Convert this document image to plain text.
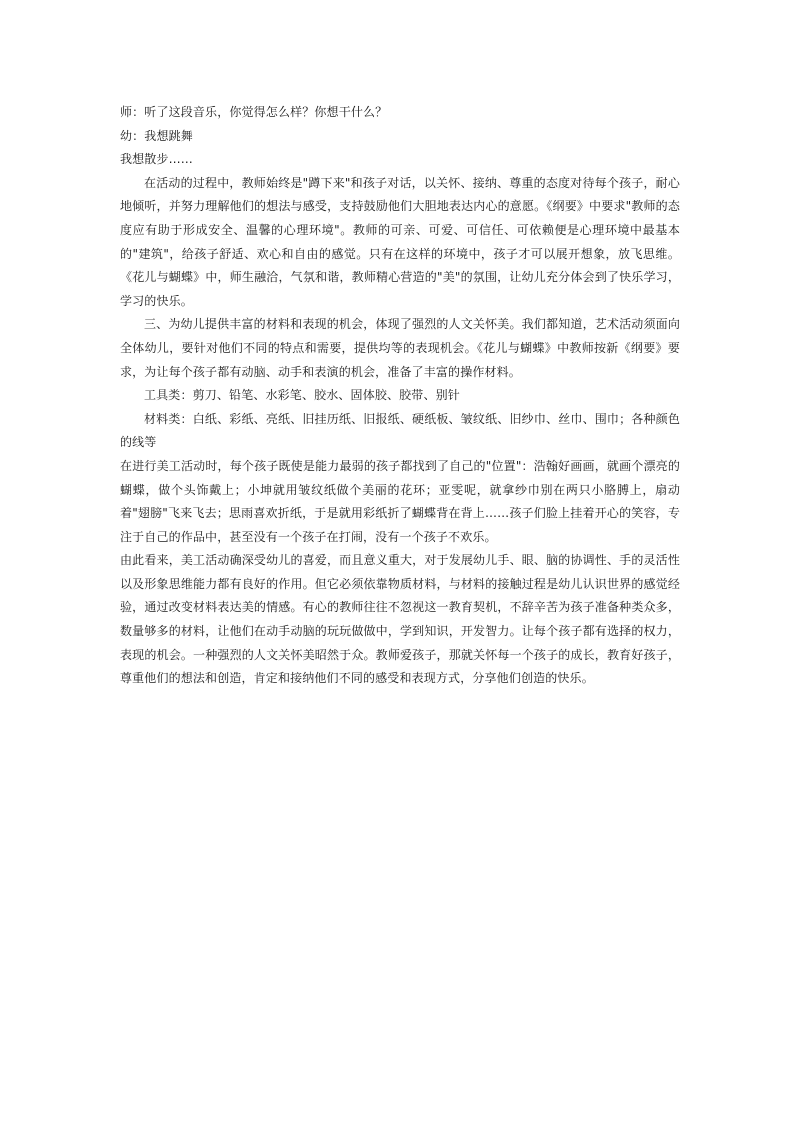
师：听了这段音乐，你觉得怎么样？你想干什么？

幼：我想跳舞

我想散步……

在活动的过程中，教师始终是"蹲下来"和孩子对话，以关怀、接纳、尊重的态度对待每个孩子，耐心地倾听，并努力理解他们的想法与感受，支持鼓励他们大胆地表达内心的意愿。《纲要》中要求"教师的态度应有助于形成安全、温馨的心理环境"。教师的可亲、可爱、可信任、可依赖便是心理环境中最基本的"建筑"，给孩子舒适、欢心和自由的感觉。只有在这样的环境中，孩子才可以展开想象，放飞思维。《花儿与蝴蝶》中，师生融洽，气氛和谐，教师精心营造的"美"的氛围，让幼儿充分体会到了快乐学习，学习的快乐。

三、为幼儿提供丰富的材料和表现的机会，体现了强烈的人文关怀美。我们都知道，艺术活动须面向全体幼儿，要针对他们不同的特点和需要，提供均等的表现机会。《花儿与蝴蝶》中教师按新《纲要》要求，为让每个孩子都有动脑、动手和表演的机会，准备了丰富的操作材料。

工具类：剪刀、铅笔、水彩笔、胶水、固体胶、胶带、别针

材料类：白纸、彩纸、亮纸、旧挂历纸、旧报纸、硬纸板、皱纹纸、旧纱巾、丝巾、围巾；各种颜色的线等

在进行美工活动时，每个孩子既使是能力最弱的孩子都找到了自己的"位置"：浩翰好画画，就画个漂亮的蝴蝶，做个头饰戴上；小坤就用皱纹纸做个美丽的花环；亚雯呢，就拿纱巾别在两只小胳膊上，扇动着"翅膀"飞来飞去；思雨喜欢折纸，于是就用彩纸折了蝴蝶背在背上……孩子们脸上挂着开心的笑容，专注于自己的作品中，甚至没有一个孩子在打闹，没有一个孩子不欢乐。

由此看来，美工活动确深受幼儿的喜爱，而且意义重大，对于发展幼儿手、眼、脑的协调性、手的灵活性以及形象思维能力都有良好的作用。但它必须依靠物质材料，与材料的接触过程是幼儿认识世界的感觉经验，通过改变材料表达美的情感。有心的教师往往不忽视这一教育契机，不辞辛苦为孩子准备种类众多，数量够多的材料，让他们在动手动脑的玩玩做做中，学到知识，开发智力。让每个孩子都有选择的权力，表现的机会。一种强烈的人文关怀美昭然于众。教师爱孩子，那就关怀每一个孩子的成长，教育好孩子，尊重他们的想法和创造，肯定和接纳他们不同的感受和表现方式，分享他们创造的快乐。
